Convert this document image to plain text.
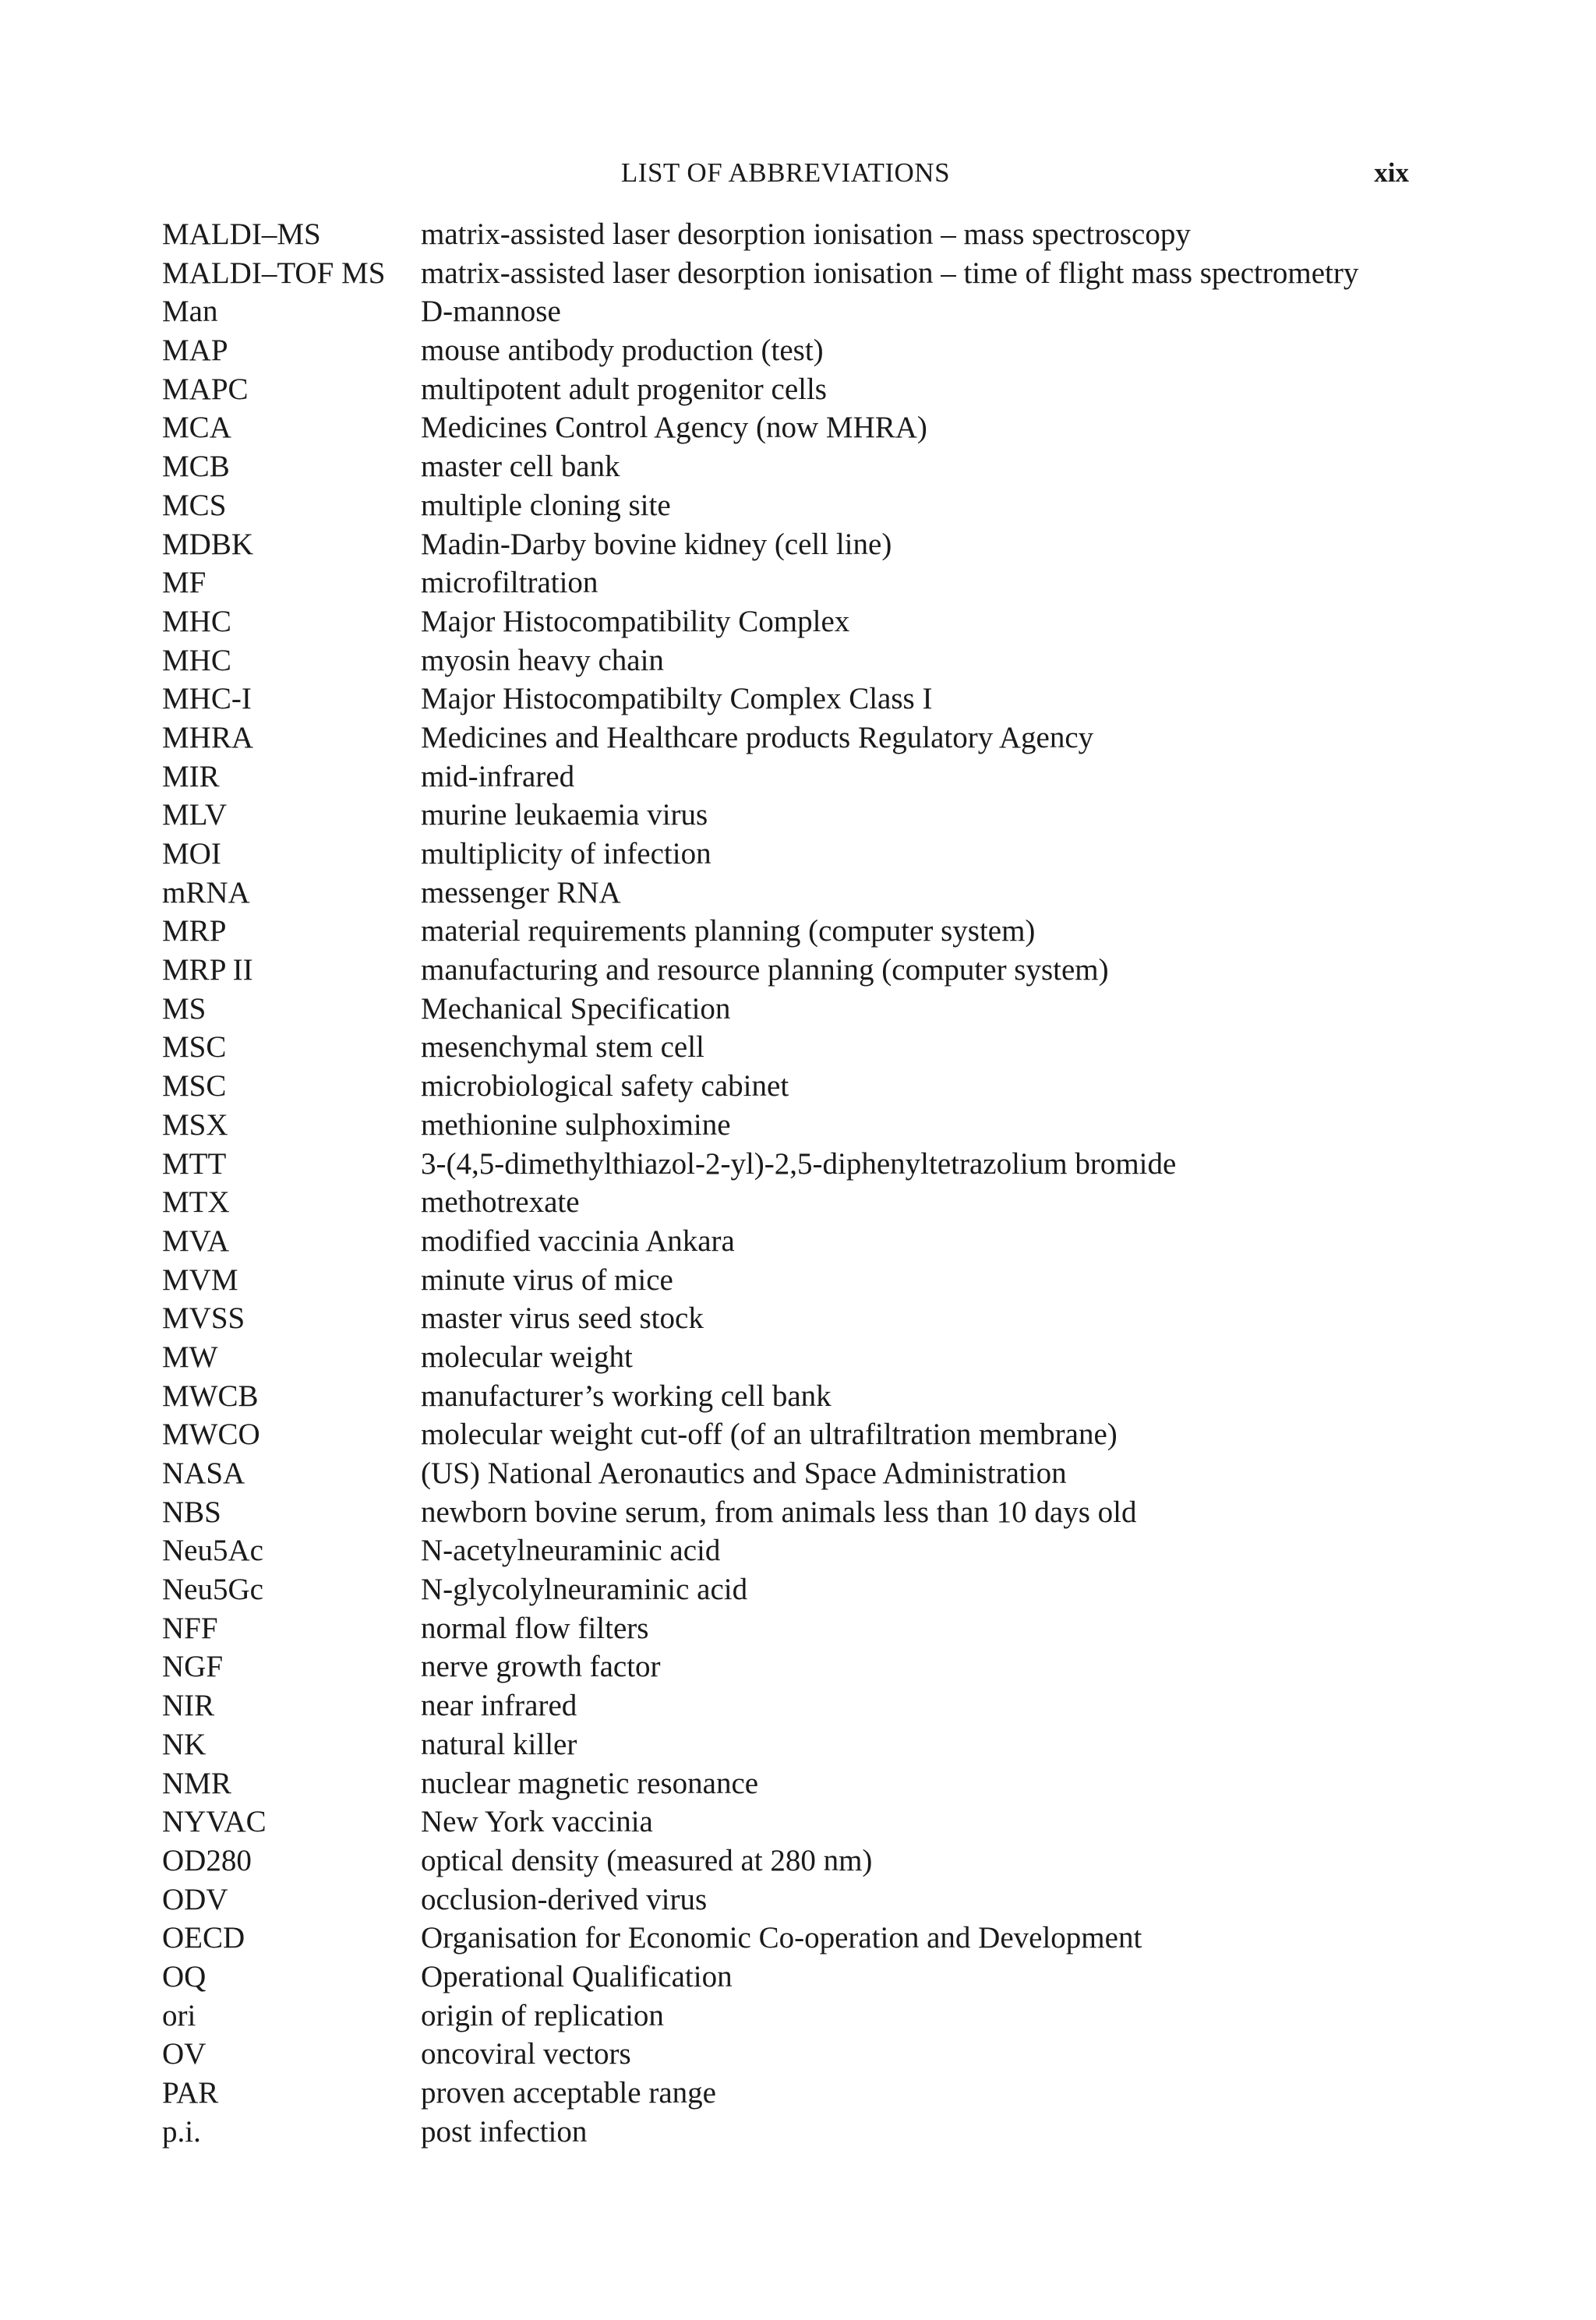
LIST OF ABBREVIATIONS	xix
MALDI–MS	matrix-assisted laser desorption ionisation – mass spectroscopy
MALDI–TOF MS	matrix-assisted laser desorption ionisation – time of flight mass spectrometry
Man	D-mannose
MAP	mouse antibody production (test)
MAPC	multipotent adult progenitor cells
MCA	Medicines Control Agency (now MHRA)
MCB	master cell bank
MCS	multiple cloning site
MDBK	Madin-Darby bovine kidney (cell line)
MF	microfiltration
MHC	Major Histocompatibility Complex
MHC	myosin heavy chain
MHC-I	Major Histocompatibilty Complex Class I
MHRA	Medicines and Healthcare products Regulatory Agency
MIR	mid-infrared
MLV	murine leukaemia virus
MOI	multiplicity of infection
mRNA	messenger RNA
MRP	material requirements planning (computer system)
MRP II	manufacturing and resource planning (computer system)
MS	Mechanical Specification
MSC	mesenchymal stem cell
MSC	microbiological safety cabinet
MSX	methionine sulphoximine
MTT	3-(4,5-dimethylthiazol-2-yl)-2,5-diphenyltetrazolium bromide
MTX	methotrexate
MVA	modified vaccinia Ankara
MVM	minute virus of mice
MVSS	master virus seed stock
MW	molecular weight
MWCB	manufacturer’s working cell bank
MWCO	molecular weight cut-off (of an ultrafiltration membrane)
NASA	(US) National Aeronautics and Space Administration
NBS	newborn bovine serum, from animals less than 10 days old
Neu5Ac	N-acetylneuraminic acid
Neu5Gc	N-glycolylneuraminic acid
NFF	normal flow filters
NGF	nerve growth factor
NIR	near infrared
NK	natural killer
NMR	nuclear magnetic resonance
NYVAC	New York vaccinia
OD280	optical density (measured at 280 nm)
ODV	occlusion-derived virus
OECD	Organisation for Economic Co-operation and Development
OQ	Operational Qualification
ori	origin of replication
OV	oncoviral vectors
PAR	proven acceptable range
p.i.	post infection
